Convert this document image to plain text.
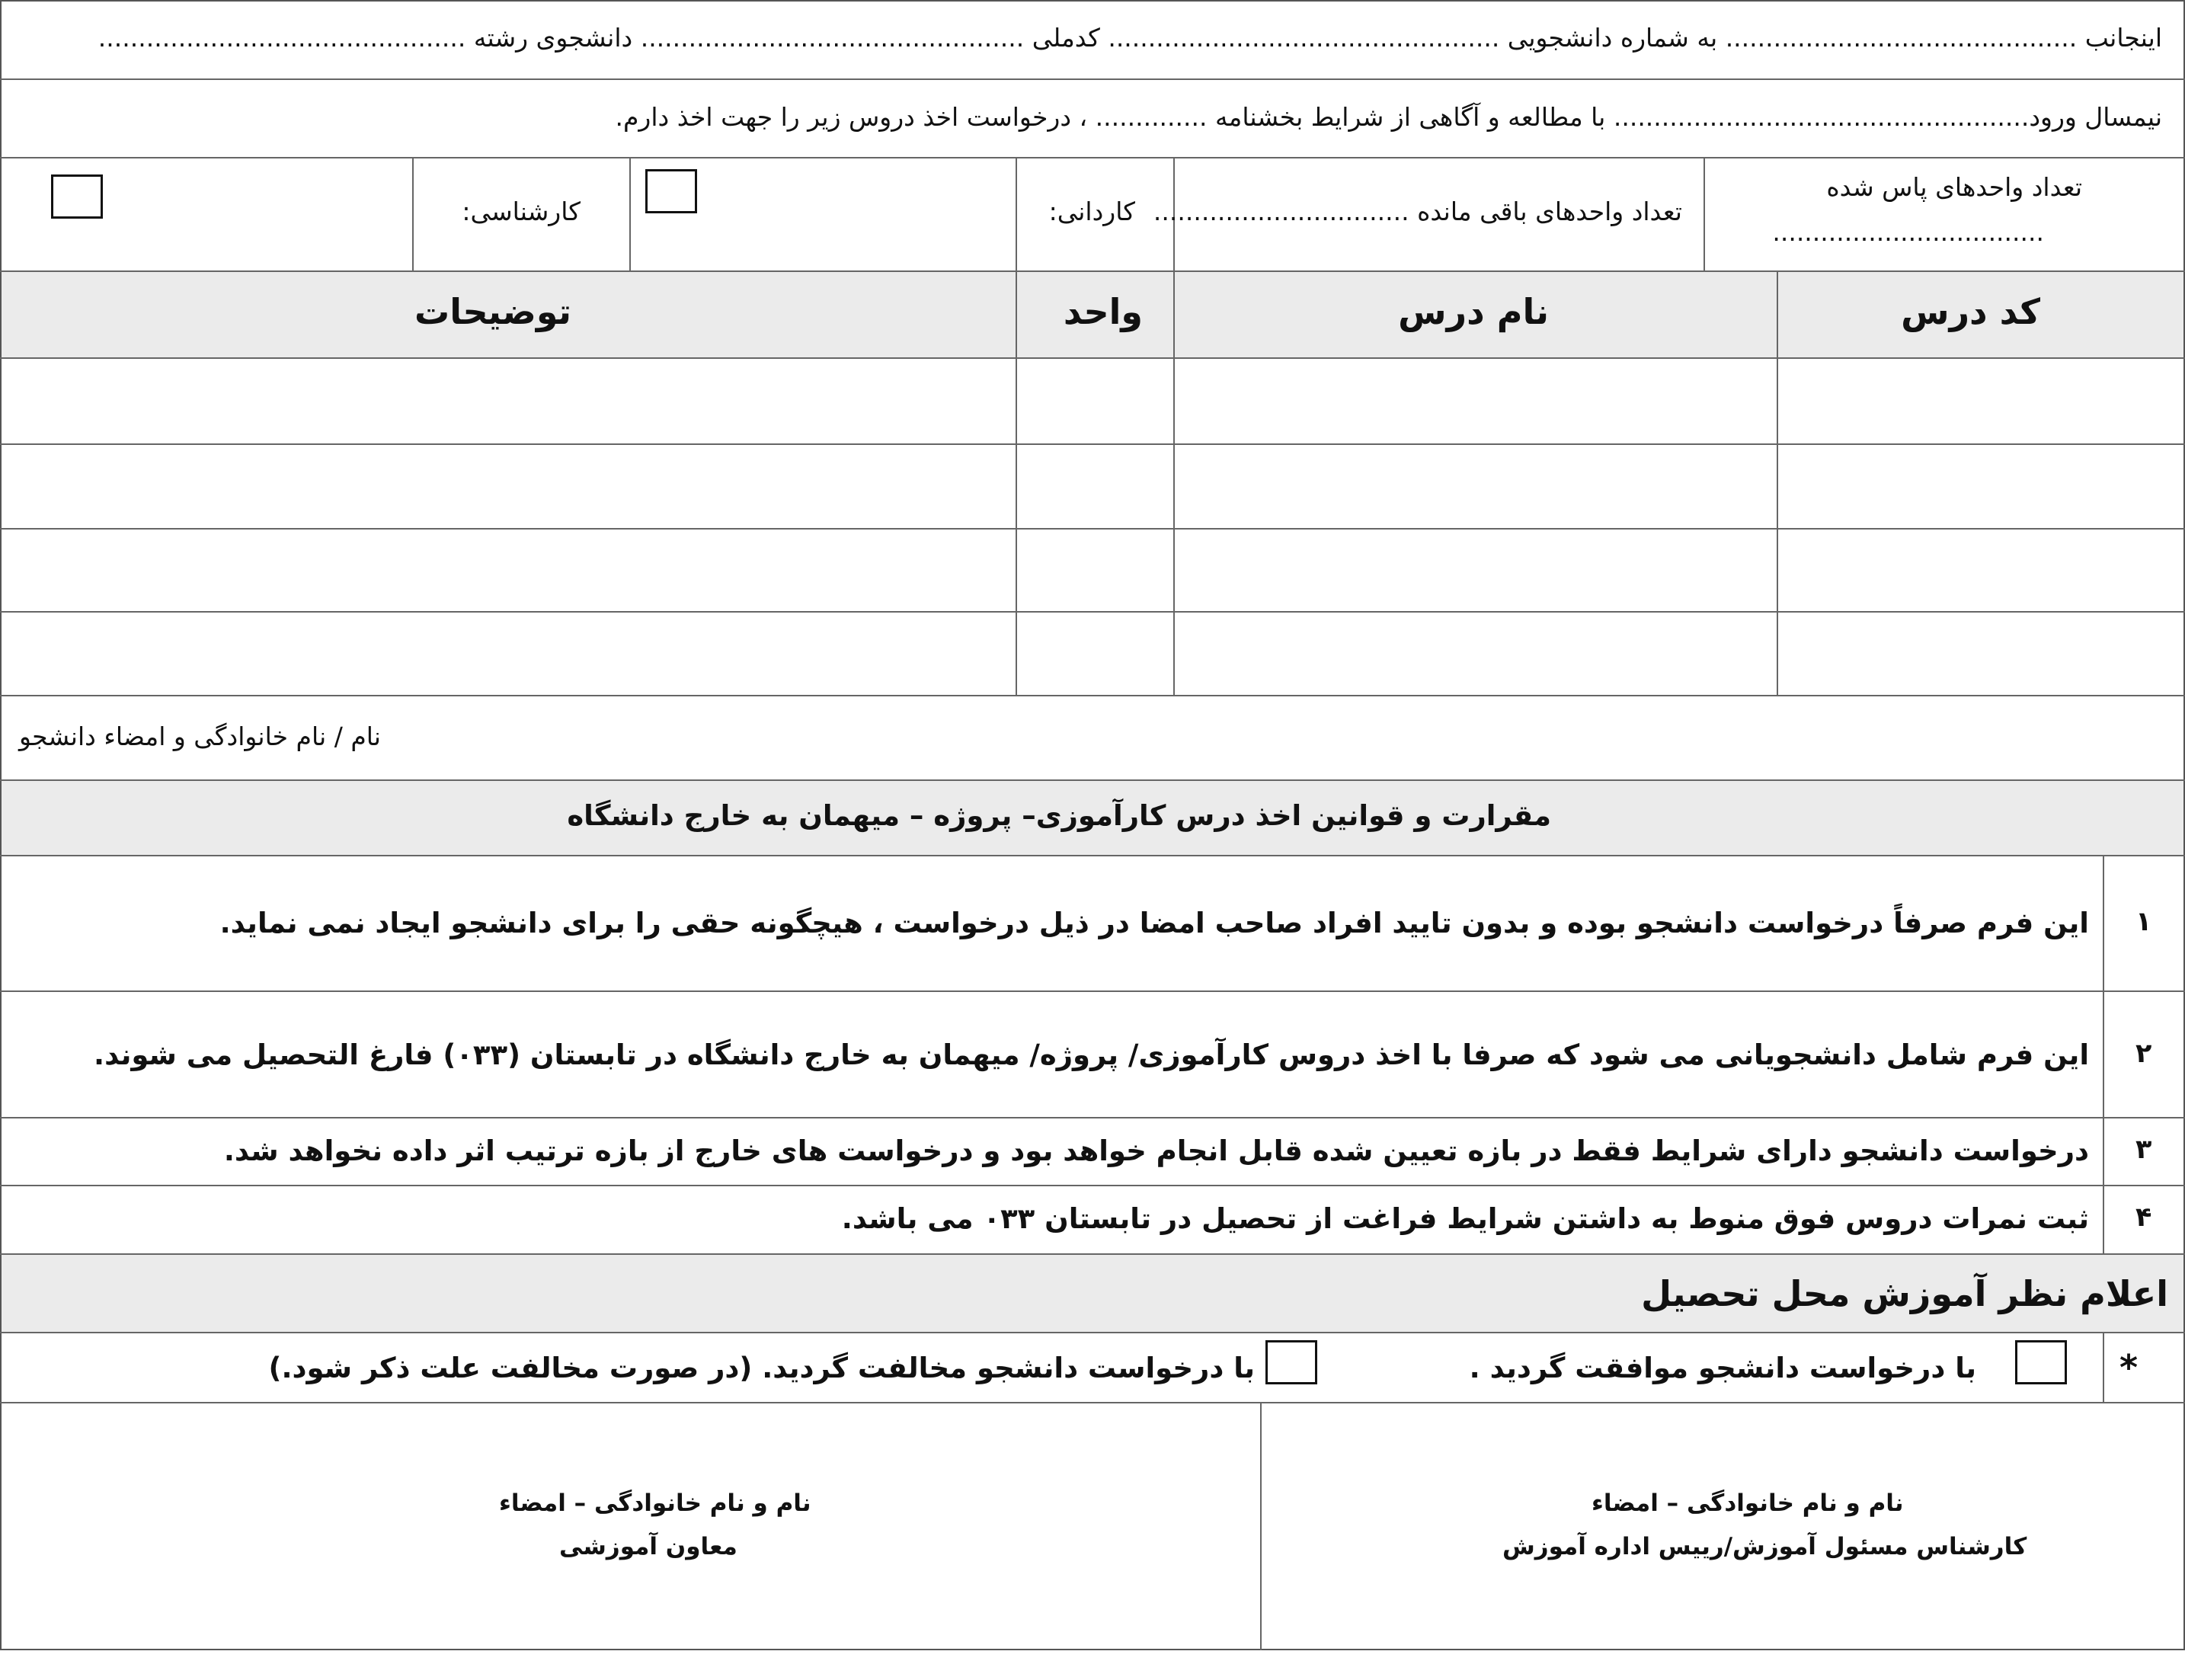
اینجانب ............................................ به شماره دانشجویی ................................................. کدملی ................................................ دانشجوی رشته ..............................................
نیمسال ورود.................................................... با مطالعه و آگاهی از شرایط بخشنامه .............. ، درخواست اخذ دروس زیر را جهت اخذ دارم.
تعداد واحدهای پاس شده
..................................
تعداد واحدهای باقی مانده ................................
کاردانی:
کارشناسی:
کد درس
نام درس
واحد
توضیحات
نام / نام خانوادگی و امضاء دانشجو
مقرارت و قوانین اخذ درس کارآموزی– پروژه – میهمان به خارج دانشگاه
۱
این فرم صرفاً درخواست دانشجو بوده و بدون تایید افراد صاحب امضا در ذیل درخواست ، هیچگونه حقی را برای دانشجو ایجاد نمی نماید.
۲
این فرم شامل دانشجویانی می شود که صرفا با اخذ دروس کارآموزی/ پروژه/ میهمان به خارج دانشگاه در تابستان (۰۳۳) فارغ التحصیل می شوند.
۳
درخواست دانشجو دارای شرایط فقط در بازه تعیین شده قابل انجام خواهد بود و درخواست های خارج از بازه ترتیب اثر داده نخواهد شد.
۴
ثبت نمرات دروس فوق منوط به داشتن شرایط فراغت از تحصیل در تابستان ۰۳۳ می باشد.
اعلام نظر آموزش محل تحصیل
*
با درخواست دانشجو موافقت گردید .
با درخواست دانشجو مخالفت گردید. (در صورت مخالفت علت ذکر شود.)
نام و نام خانوادگی – امضاء
کارشناس مسئول آموزش/رییس اداره آموزش
نام و نام خانوادگی – امضاء
معاون آموزشی
